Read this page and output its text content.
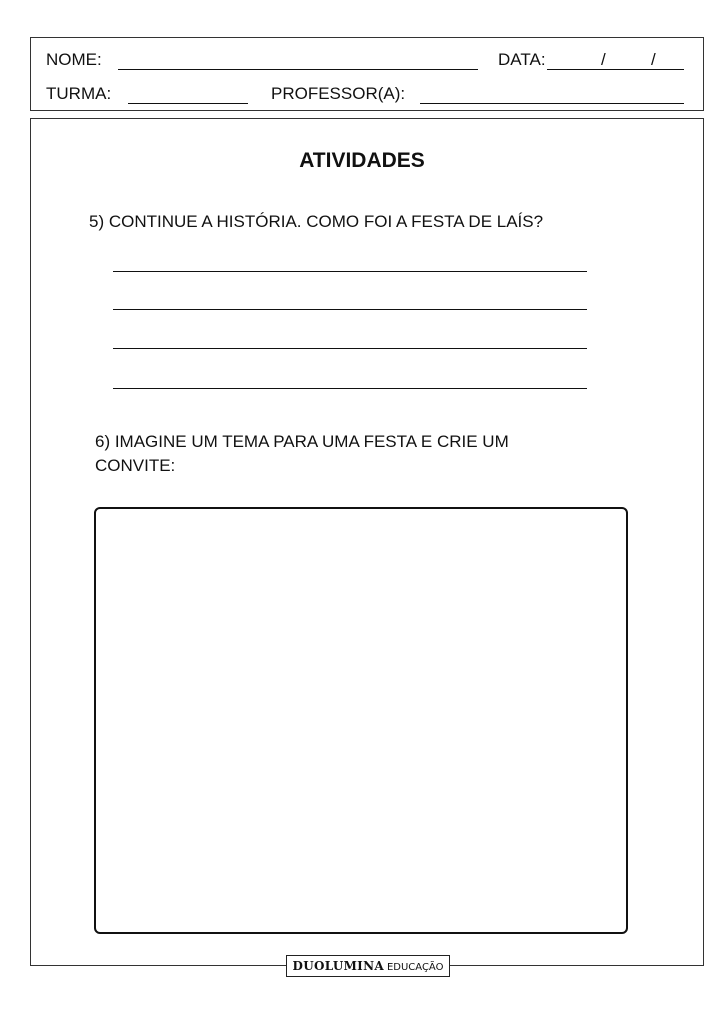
NOME:	DATA:	/	/
TURMA:	PROFESSOR(A):
ATIVIDADES
5) CONTINUE A HISTÓRIA. COMO FOI A FESTA DE LAÍS?
6) IMAGINE UM TEMA PARA UMA FESTA E CRIE UM CONVITE:
DUOLUMINA EDUCAÇÃO
